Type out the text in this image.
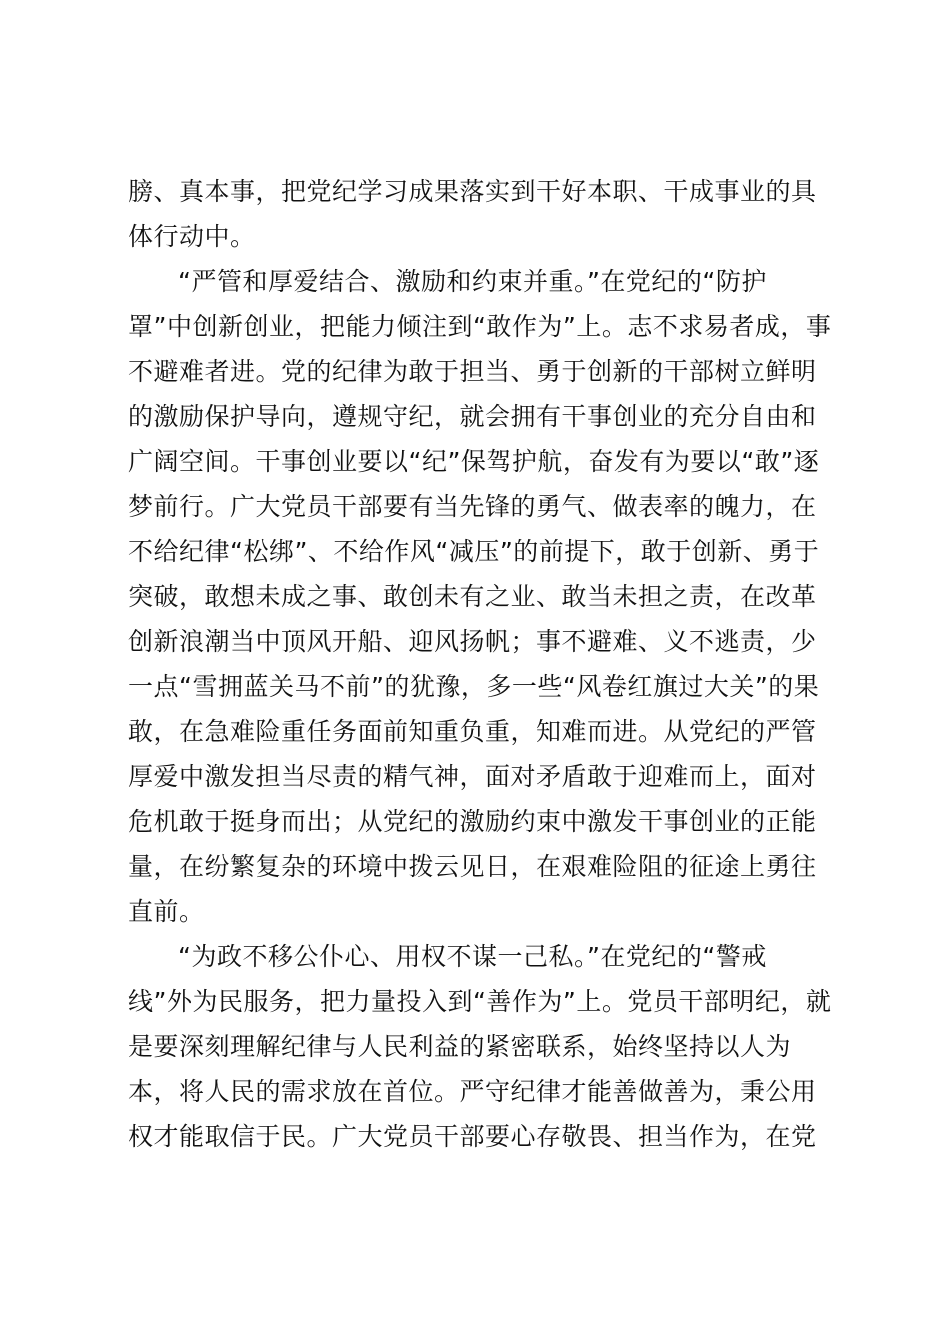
膀、真本事，把党纪学习成果落实到干好本职、干成事业的具
体行动中。
“严管和厚爱结合、激励和约束并重。”在党纪的“防护
罩”中创新创业，把能力倾注到“敢作为”上。志不求易者成，事
不避难者进。党的纪律为敢于担当、勇于创新的干部树立鲜明
的激励保护导向，遵规守纪，就会拥有干事创业的充分自由和
广阔空间。干事创业要以“纪”保驾护航，奋发有为要以“敢”逐
梦前行。广大党员干部要有当先锋的勇气、做表率的魄力，在
不给纪律“松绑”、不给作风“减压”的前提下，敢于创新、勇于
突破，敢想未成之事、敢创未有之业、敢当未担之责，在改革
创新浪潮当中顶风开船、迎风扬帆；事不避难、义不逃责，少
一点“雪拥蓝关马不前”的犹豫，多一些“风卷红旗过大关”的果
敢，在急难险重任务面前知重负重，知难而进。从党纪的严管
厚爱中激发担当尽责的精气神，面对矛盾敢于迎难而上，面对
危机敢于挺身而出；从党纪的激励约束中激发干事创业的正能
量，在纷繁复杂的环境中拨云见日，在艰难险阻的征途上勇往
直前。
“为政不移公仆心、用权不谋一己私。”在党纪的“警戒
线”外为民服务，把力量投入到“善作为”上。党员干部明纪，就
是要深刻理解纪律与人民利益的紧密联系，始终坚持以人为
本，将人民的需求放在首位。严守纪律才能善做善为，秉公用
权才能取信于民。广大党员干部要心存敬畏、担当作为，在党
